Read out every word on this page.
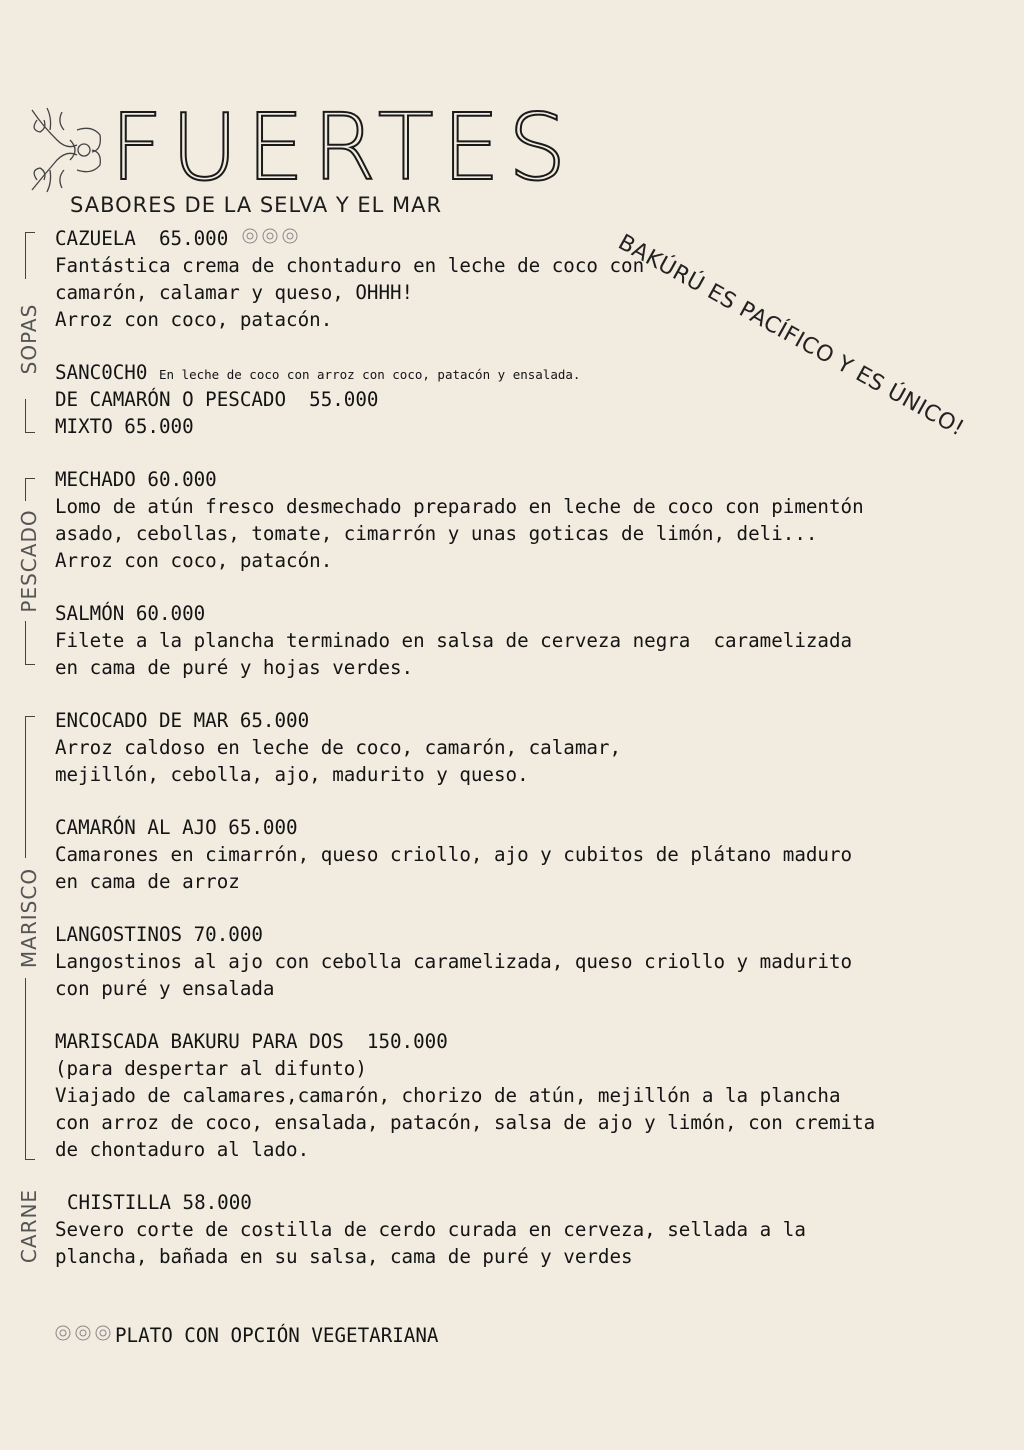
FUERTES
SABORES DE LA SELVA Y EL MAR
BAKÚRÚ ES PACÍFICO Y ES ÚNICO!
SOPAS
PESCADO
MARISCO
CARNE
CAZUELA  65.000
Fantástica crema de chontaduro en leche de coco con
camarón, calamar y queso, OHHH!
Arroz con coco, patacón.
SANC0CH0 En leche de coco con arroz con coco, patacón y ensalada.
DE CAMARÓN O PESCADO  55.000
MIXTO 65.000
MECHADO 60.000
Lomo de atún fresco desmechado preparado en leche de coco con pimentón
asado, cebollas, tomate, cimarrón y unas goticas de limón, deli...
Arroz con coco, patacón.
SALMÓN 60.000
Filete a la plancha terminado en salsa de cerveza negra  caramelizada
en cama de puré y hojas verdes.
ENCOCADO DE MAR 65.000
Arroz caldoso en leche de coco, camarón, calamar,
mejillón, cebolla, ajo, madurito y queso.
CAMARÓN AL AJO 65.000
Camarones en cimarrón, queso criollo, ajo y cubitos de plátano maduro
en cama de arroz
LANGOSTINOS 70.000
Langostinos al ajo con cebolla caramelizada, queso criollo y madurito
con puré y ensalada
MARISCADA BAKURU PARA DOS  150.000
(para despertar al difunto)
Viajado de calamares,camarón, chorizo de atún, mejillón a la plancha
con arroz de coco, ensalada, patacón, salsa de ajo y limón, con cremita
de chontaduro al lado.
CHISTILLA 58.000
Severo corte de costilla de cerdo curada en cerveza, sellada a la
plancha, bañada en su salsa, cama de puré y verdes
PLATO CON OPCIÓN VEGETARIANA
